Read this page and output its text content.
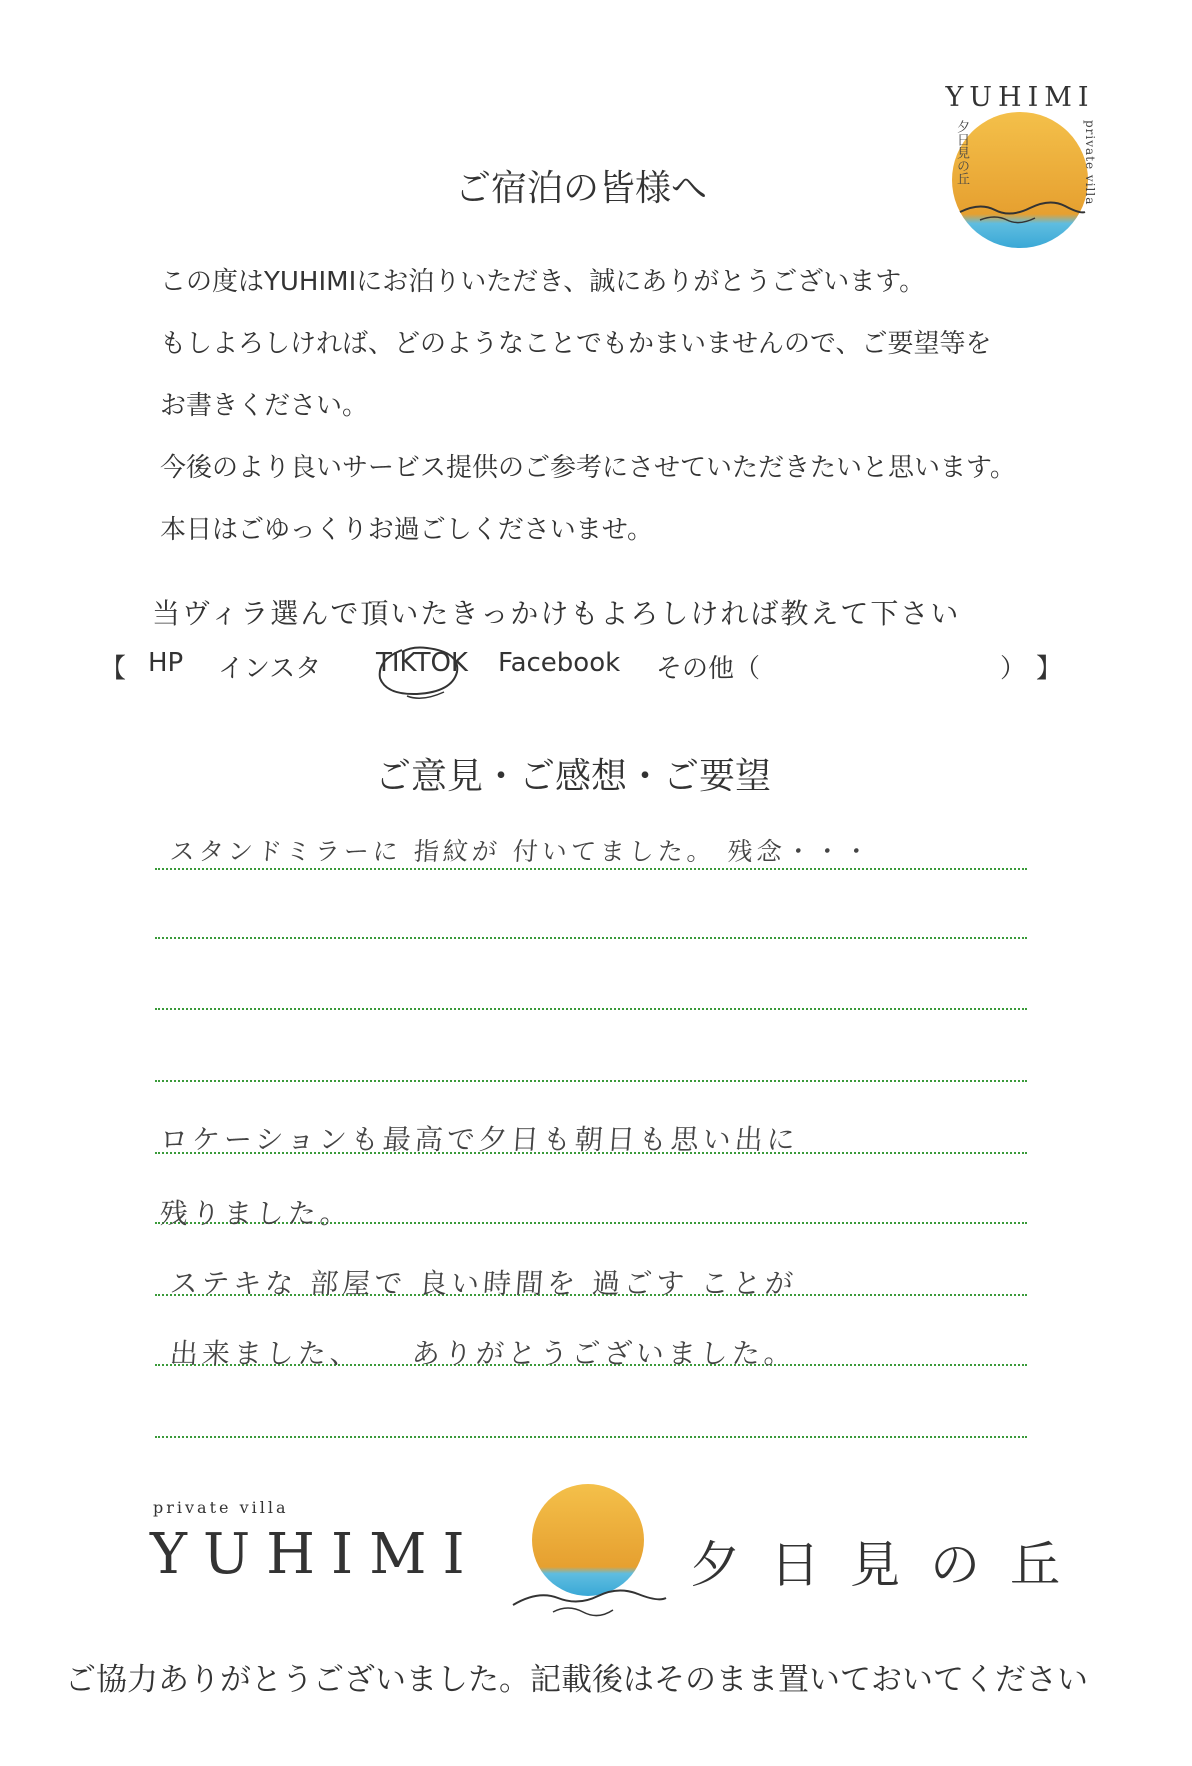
YUHIMI
夕日見の丘	private villa
ご宿泊の皆様へ

この度はYUHIMIにお泊りいただき、誠にありがとうございます。

もしよろしければ、どのようなことでもかまいませんので、ご要望等を

お書きください。

今後のより良いサービス提供のご参考にさせていただきたいと思います。

本日はごゆっくりお過ごしくださいませ。

当ヴィラ選んで頂いたきっかけもよろしければ教えて下さい
【 HP インスタ TIKTOK Facebook その他（	） 】
ご意見・ご感想・ご要望
スタンドミラーに 指紋が 付いてました。 残念・・・
ロケーションも最高で夕日も朝日も思い出に
残りました。
ステキな 部屋で 良い時間を 過ごす ことが
出来ました、　　ありがとうございました。
private villa
YUHIMI	夕日見の丘
ご協力ありがとうございました。記載後はそのまま置いておいてください
